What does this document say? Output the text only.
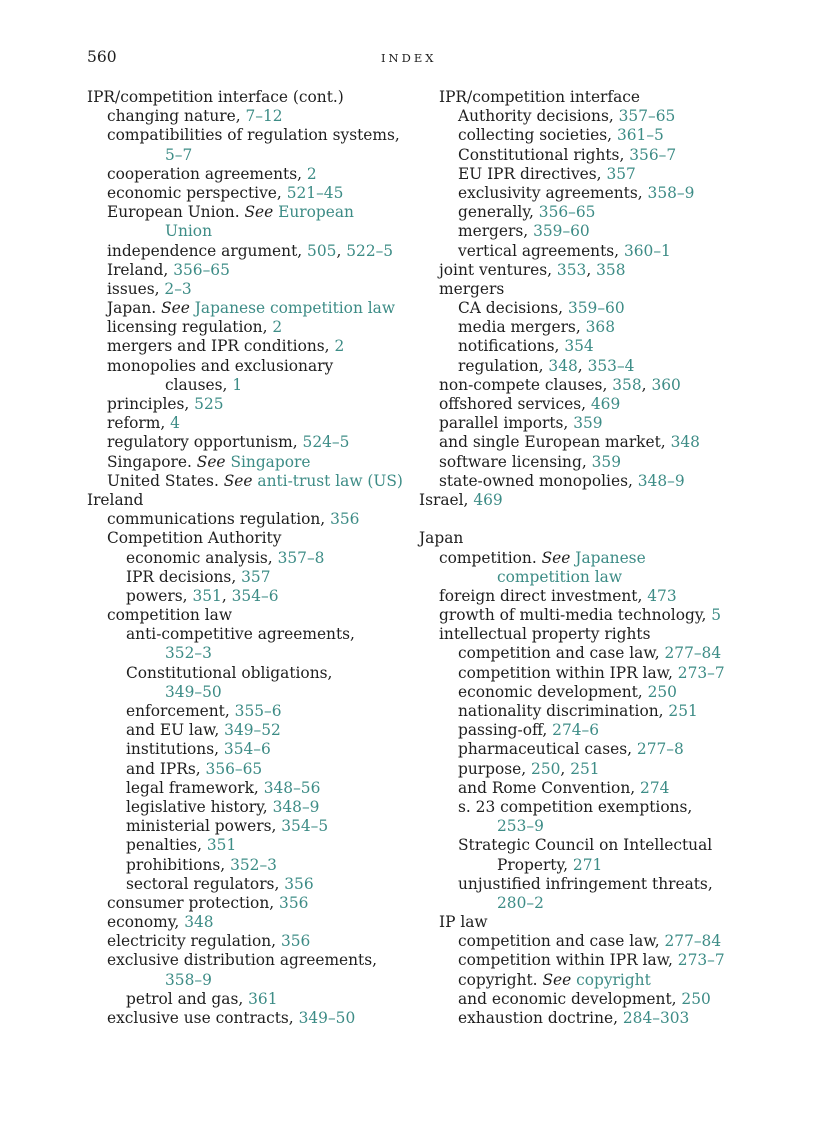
560	INDEX
IPR/competition interface (cont.)
changing nature, 7–12
compatibilities of regulation systems,
5–7
cooperation agreements, 2
economic perspective, 521–45
European Union. See European
Union
independence argument, 505, 522–5
Ireland, 356–65
issues, 2–3
Japan. See Japanese competition law
licensing regulation, 2
mergers and IPR conditions, 2
monopolies and exclusionary
clauses, 1
principles, 525
reform, 4
regulatory opportunism, 524–5
Singapore. See Singapore
United States. See anti-trust law (US)
Ireland
communications regulation, 356
Competition Authority
economic analysis, 357–8
IPR decisions, 357
powers, 351, 354–6
competition law
anti-competitive agreements,
352–3
Constitutional obligations,
349–50
enforcement, 355–6
and EU law, 349–52
institutions, 354–6
and IPRs, 356–65
legal framework, 348–56
legislative history, 348–9
ministerial powers, 354–5
penalties, 351
prohibitions, 352–3
sectoral regulators, 356
consumer protection, 356
economy, 348
electricity regulation, 356
exclusive distribution agreements,
358–9
petrol and gas, 361
exclusive use contracts, 349–50
IPR/competition interface
Authority decisions, 357–65
collecting societies, 361–5
Constitutional rights, 356–7
EU IPR directives, 357
exclusivity agreements, 358–9
generally, 356–65
mergers, 359–60
vertical agreements, 360–1
joint ventures, 353, 358
mergers
CA decisions, 359–60
media mergers, 368
notifications, 354
regulation, 348, 353–4
non-compete clauses, 358, 360
offshored services, 469
parallel imports, 359
and single European market, 348
software licensing, 359
state-owned monopolies, 348–9
Israel, 469
Japan
competition. See Japanese
competition law
foreign direct investment, 473
growth of multi-media technology, 5
intellectual property rights
competition and case law, 277–84
competition within IPR law, 273–7
economic development, 250
nationality discrimination, 251
passing-off, 274–6
pharmaceutical cases, 277–8
purpose, 250, 251
and Rome Convention, 274
s. 23 competition exemptions,
253–9
Strategic Council on Intellectual
Property, 271
unjustified infringement threats,
280–2
IP law
competition and case law, 277–84
competition within IPR law, 273–7
copyright. See copyright
and economic development, 250
exhaustion doctrine, 284–303
